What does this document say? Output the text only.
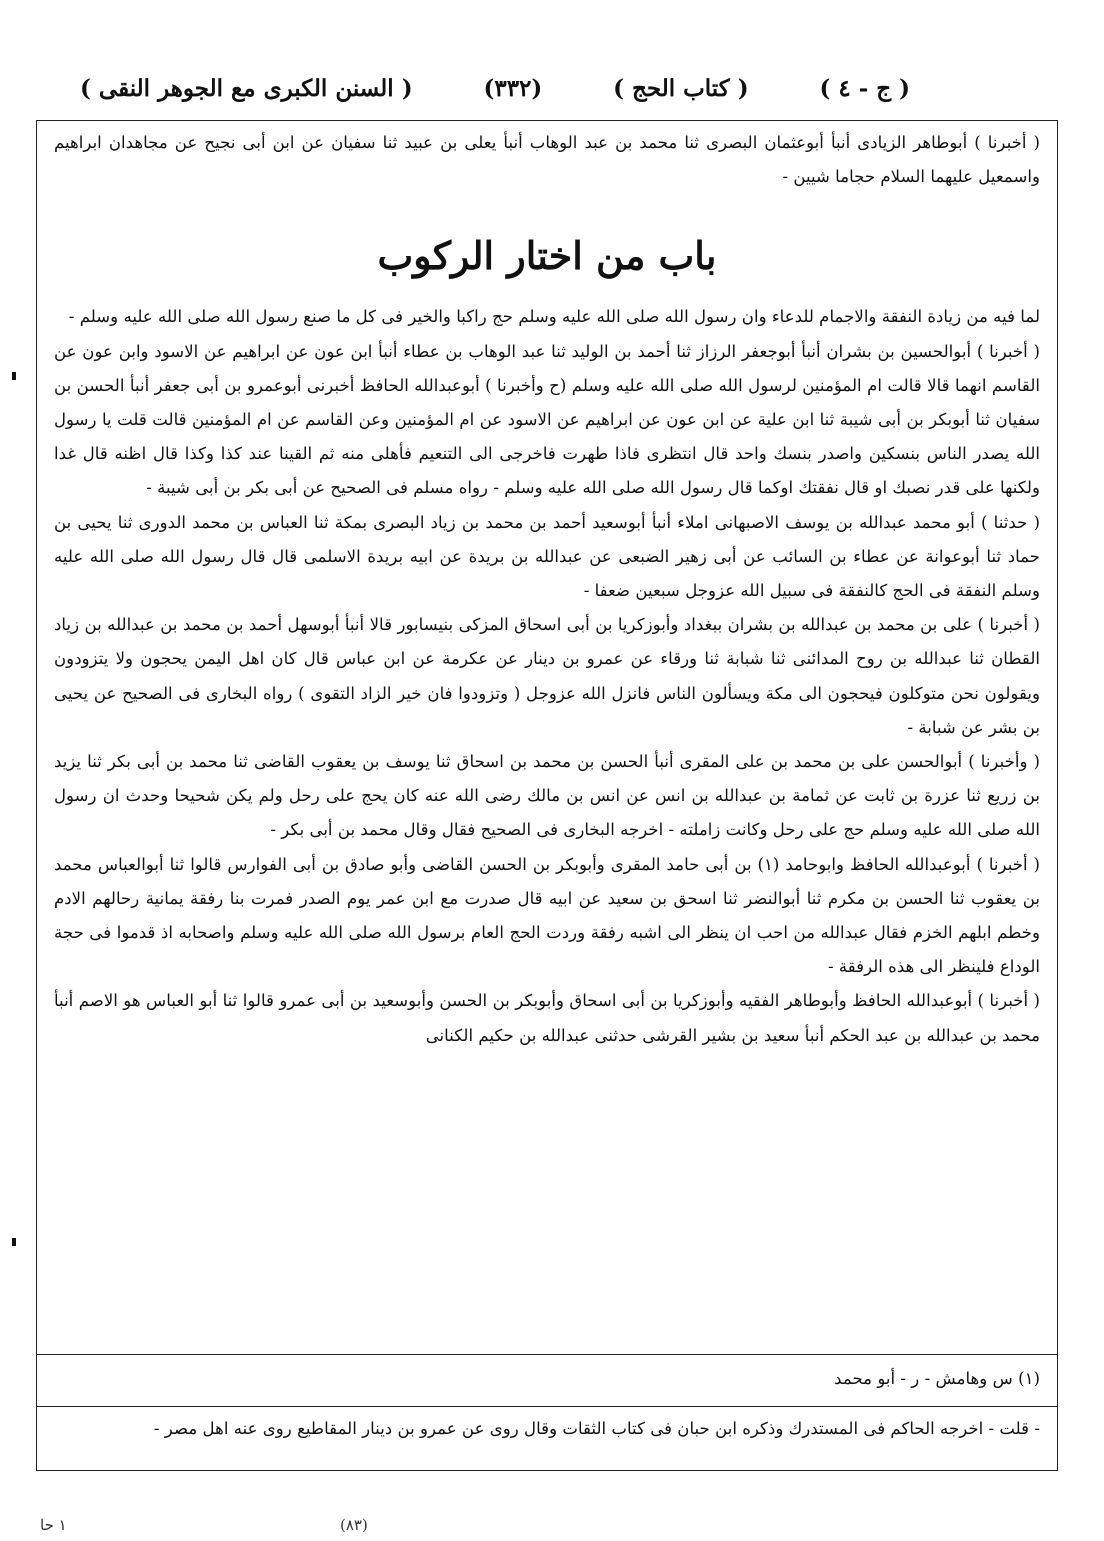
( السنن الكبرى مع الجوهر النقى )	(٣٣٢)	( كتاب الحج )	( ج - ٤ )

( أخبرنا ) أبوطاهر الزيادى أنبأ أبوعثمان البصرى ثنا محمد بن عبد الوهاب أنبأ يعلى بن عبيد ثنا سفيان عن ابن أبى نجيح عن مجاهدان ابراهيم واسمعيل عليهما السلام حجاما شيين -

باب من اختار الركوب

لما فيه من زيادة النفقة والاجمام للدعاء وان رسول الله صلى الله عليه وسلم حج راكبا والخير فى كل ما صنع رسول الله صلى الله عليه وسلم -

( أخبرنا ) أبوالحسين بن بشران أنبأ أبوجعفر الرزاز ثنا أحمد بن الوليد ثنا عبد الوهاب بن عطاء أنبأ ابن عون عن ابراهيم عن الاسود وابن عون عن القاسم انهما قالا قالت ام المؤمنين لرسول الله صلى الله عليه وسلم (ح وأخبرنا ) أبوعبدالله الحافظ أخبرنى أبوعمرو بن أبى جعفر أنبأ الحسن بن سفيان ثنا أبوبكر بن أبى شيبة ثنا ابن علية عن ابن عون عن ابراهيم عن الاسود عن ام المؤمنين وعن القاسم عن ام المؤمنين قالت قلت يا رسول الله يصدر الناس بنسكين واصدر بنسك واحد قال انتظرى فاذا طهرت فاخرجى الى التنعيم فأهلى منه ثم القينا عند كذا وكذا قال اظنه قال غدا ولكنها على قدر نصبك او قال نفقتك اوكما قال رسول الله صلى الله عليه وسلم - رواه مسلم فى الصحيح عن أبى بكر بن أبى شيبة -

( حدثنا ) أبو محمد عبدالله بن يوسف الاصبهانى املاء أنبأ أبوسعيد أحمد بن محمد بن زياد البصرى بمكة ثنا العباس بن محمد الدورى ثنا يحيى بن حماد ثنا أبوعوانة عن عطاء بن السائب عن أبى زهير الضبعى عن عبدالله بن بريدة عن ابيه بريدة الاسلمى قال قال رسول الله صلى الله عليه وسلم النفقة فى الحج كالنفقة فى سبيل الله عزوجل سبعين ضعفا -

( أخبرنا ) على بن محمد بن عبدالله بن بشران ببغداد وأبوزكريا بن أبى اسحاق المزكى بنيسابور قالا أنبأ أبوسهل أحمد بن محمد بن عبدالله بن زياد القطان ثنا عبدالله بن روح المدائنى ثنا شبابة ثنا ورقاء عن عمرو بن دينار عن عكرمة عن ابن عباس قال كان اهل اليمن يحجون ولا يتزودون ويقولون نحن متوكلون فيحجون الى مكة ويسألون الناس فانزل الله عزوجل ( وتزودوا فان خير الزاد التقوى ) رواه البخارى فى الصحيح عن يحيى بن بشر عن شبابة -

( وأخبرنا ) أبوالحسن على بن محمد بن على المقرى أنبأ الحسن بن محمد بن اسحاق ثنا يوسف بن يعقوب القاضى ثنا محمد بن أبى بكر ثنا يزيد بن زريع ثنا عزرة بن ثابت عن ثمامة بن عبدالله بن انس عن انس بن مالك رضى الله عنه كان يحج على رحل ولم يكن شحيحا وحدث ان رسول الله صلى الله عليه وسلم حج على رحل وكانت زاملته - اخرجه البخارى فى الصحيح فقال وقال محمد بن أبى بكر -

( أخبرنا ) أبوعبدالله الحافظ وابوحامد (١) بن أبى حامد المقرى وأبوبكر بن الحسن القاضى وأبو صادق بن أبى الفوارس قالوا ثنا أبوالعباس محمد بن يعقوب ثنا الحسن بن مكرم ثنا أبوالنضر ثنا اسحق بن سعيد عن ابيه قال صدرت مع ابن عمر يوم الصدر فمرت بنا رفقة يمانية رحالهم الادم وخطم ابلهم الخزم فقال عبدالله من احب ان ينظر الى اشبه رفقة وردت الحج العام برسول الله صلى الله عليه وسلم واصحابه اذ قدموا فى حجة الوداع فلينظر الى هذه الرفقة -

( أخبرنا ) أبوعبدالله الحافظ وأبوطاهر الفقيه وأبوزكريا بن أبى اسحاق وأبوبكر بن الحسن وأبوسعيد بن أبى عمرو قالوا ثنا أبو العباس هو الاصم أنبأ محمد بن عبدالله بن عبد الحكم أنبأ سعيد بن بشير القرشى حدثنى عبدالله بن حكيم الكنانى

(١) س وهامش - ر - أبو محمد
- قلت - اخرجه الحاكم فى المستدرك وذكره ابن حبان فى كتاب الثقات وقال روى عن عمرو بن دينار المقاطيع روى عنه اهل مصر -
(٨٣)
١ حا
